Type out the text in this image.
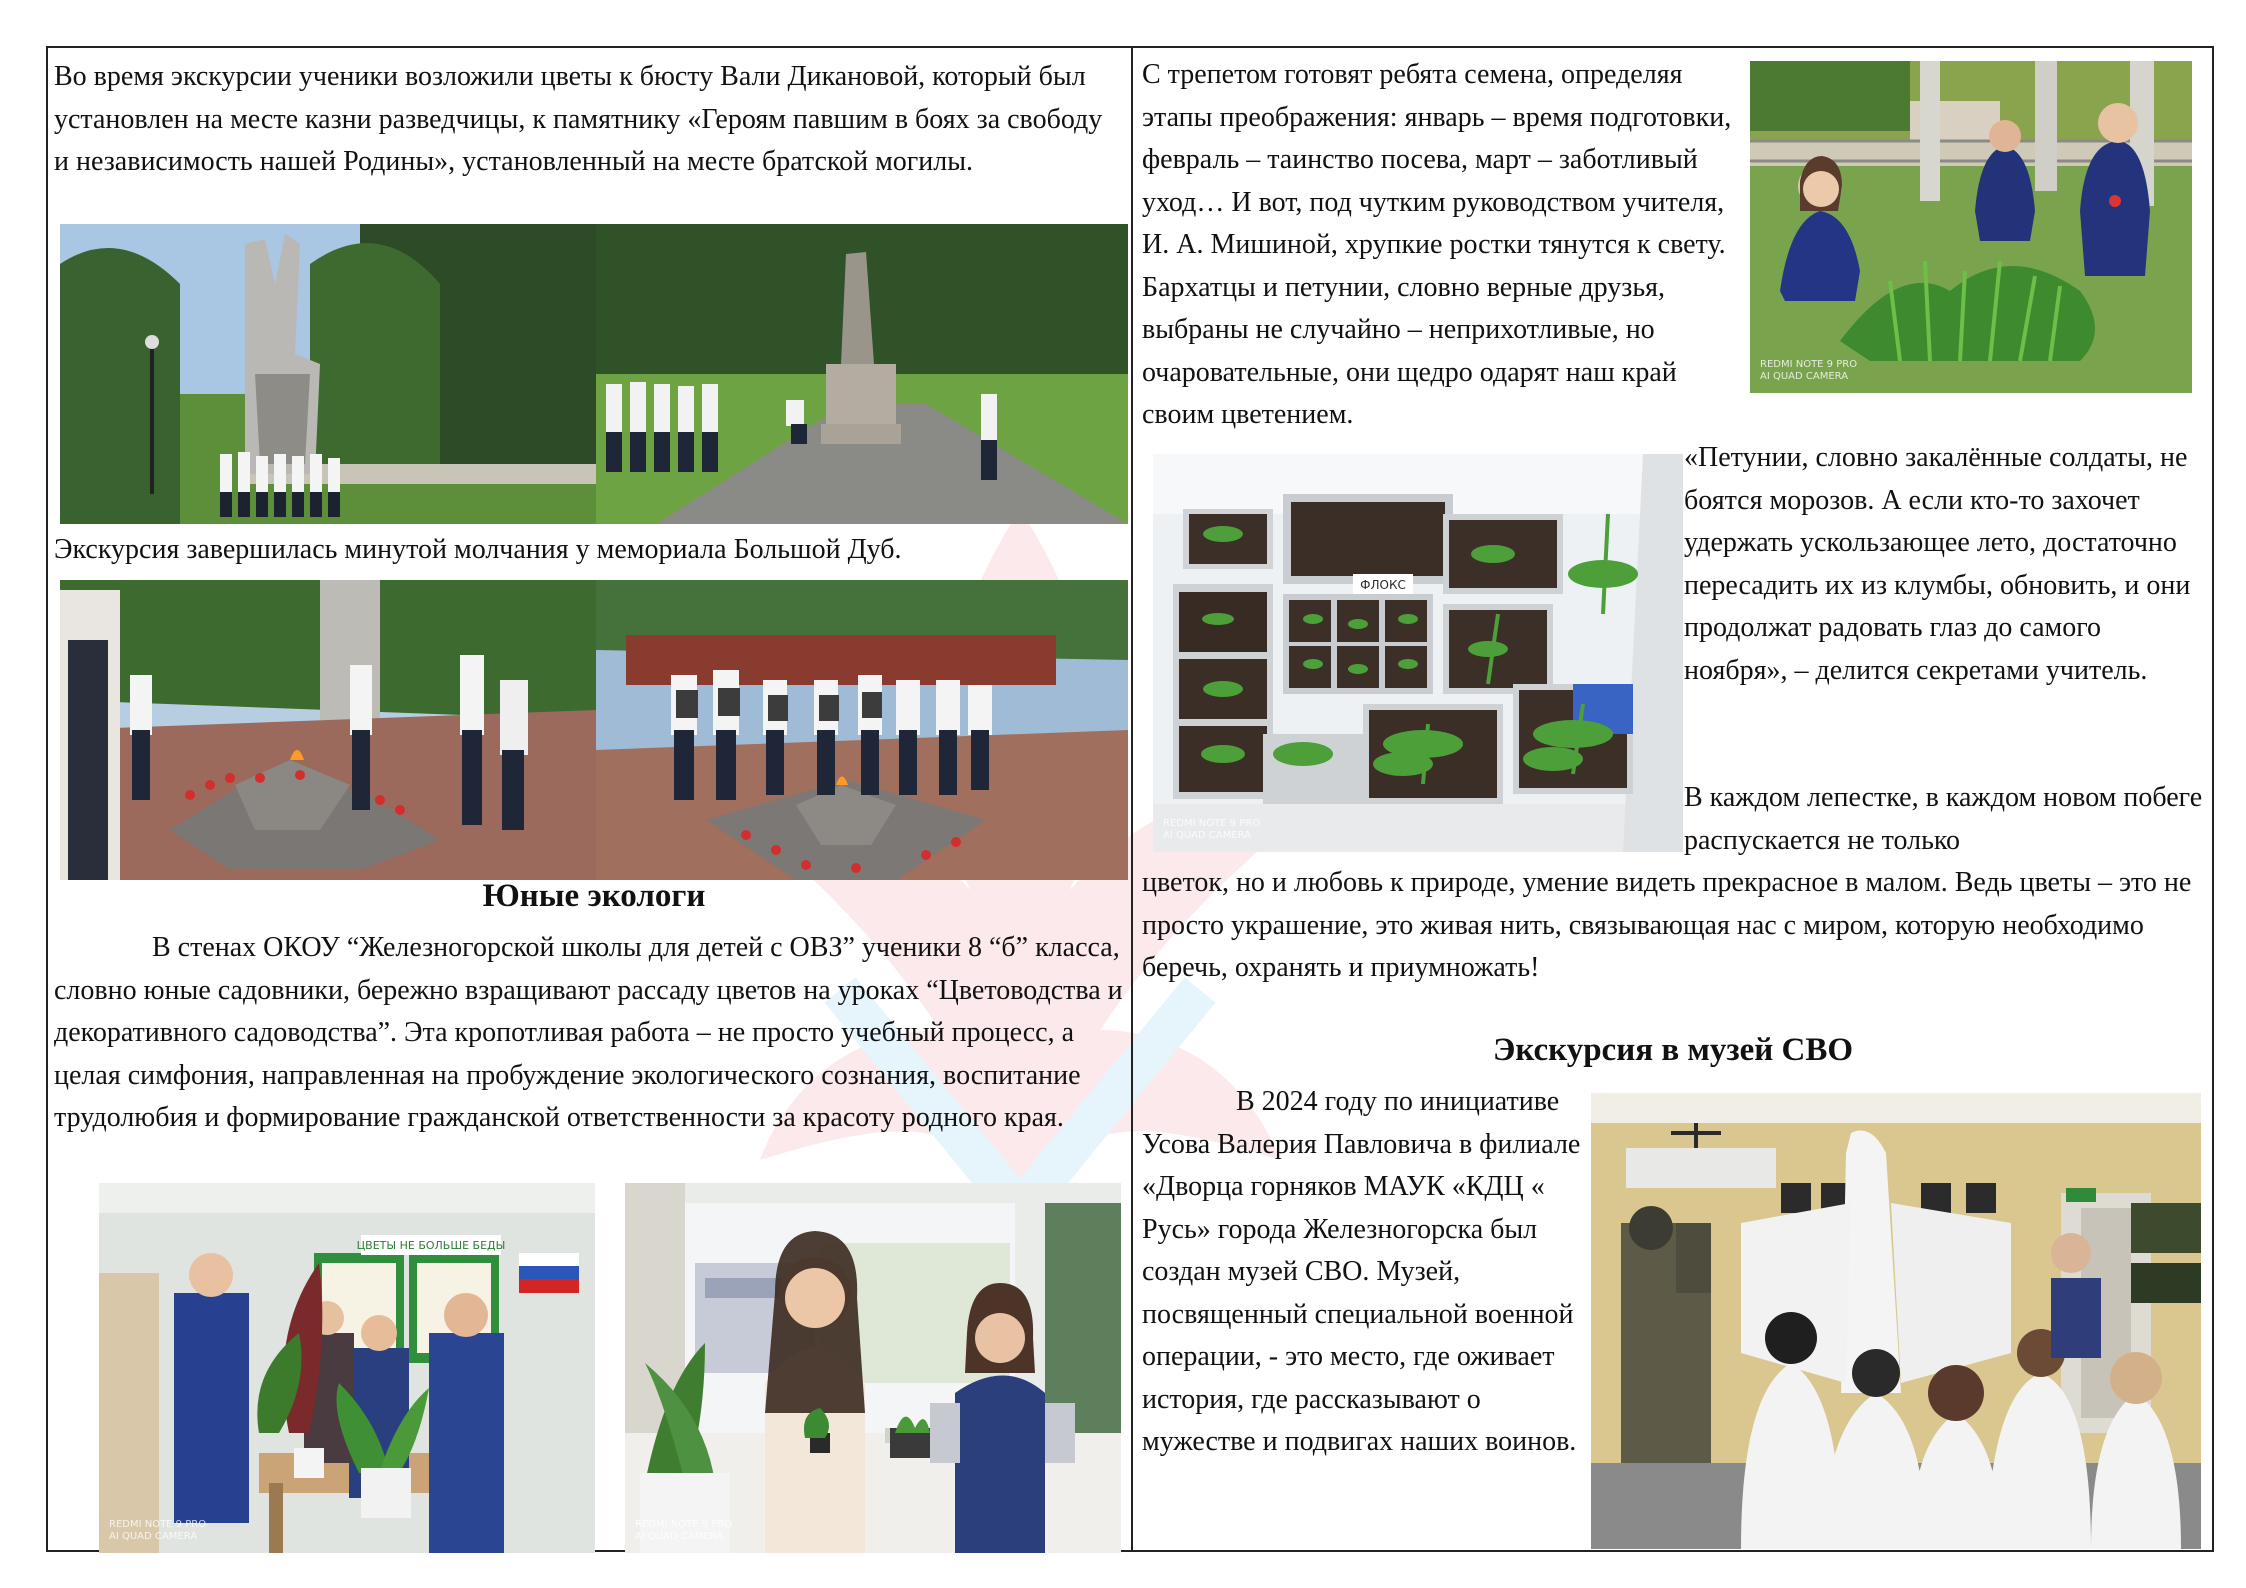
Во время экскурсии ученики возложили цветы к бюсту Вали Дикановой, который был установлен на месте казни разведчицы, к памятнику «Героям павшим в боях за свободу и независимость нашей Родины», установленный на месте братской могилы.

Экскурсия завершилась минутой молчания у мемориала Большой Дуб.

Юные экологи

В стенах ОКОУ “Железногорской школы для детей с ОВЗ” ученики 8 “б” класса, словно юные садовники, бережно взращивают рассаду цветов на уроках “Цветоводства и декоративного садоводства”. Эта кропотливая работа – не просто учебный процесс, а целая симфония, направленная на пробуждение экологического сознания, воспитание трудолюбия и формирование гражданской ответственности за красоту родного края.

ЦВЕТЫ НЕ БОЛЬШЕ БЕДЫ
REDMI NOTE 9 PRO
AI QUAD CAMERA
REDMI NOTE 9 PRO
AI QUAD CAMERA

С трепетом готовят ребята семена, определяя этапы преображения: январь – время подготовки, февраль – таинство посева, март – заботливый уход… И вот, под чутким руководством учителя, И. А. Мишиной, хрупкие ростки тянутся к свету. Бархатцы и петунии, словно верные друзья, выбраны не случайно – неприхотливые, но очаровательные, они щедро одарят наш край своим цветением.

REDMI NOTE 9 PRO
AI QUAD CAMERA

ФЛОКС
REDMI NOTE 9 PRO
AI QUAD CAMERA

«Петунии, словно закалённые солдаты, не боятся морозов. А если кто-то захочет удержать ускользающее лето, достаточно пересадить их из клумбы, обновить, и они продолжат радовать глаз до самого ноября», – делится секретами учитель.

В каждом лепестке, в каждом новом побеге распускается не только

цветок, но и любовь к природе, умение видеть прекрасное в малом. Ведь цветы – это не просто украшение, это живая нить, связывающая нас с миром, которую необходимо беречь, охранять и приумножать!

Экскурсия в музей СВО

В 2024 году по инициативе Усова Валерия Павловича в филиале «Дворца горняков МАУК «КДЦ « Русь» города Железногорска был создан музей СВО. Музей, посвященный специальной военной операции, - это место, где оживает история, где рассказывают о мужестве и подвигах наших воинов.
